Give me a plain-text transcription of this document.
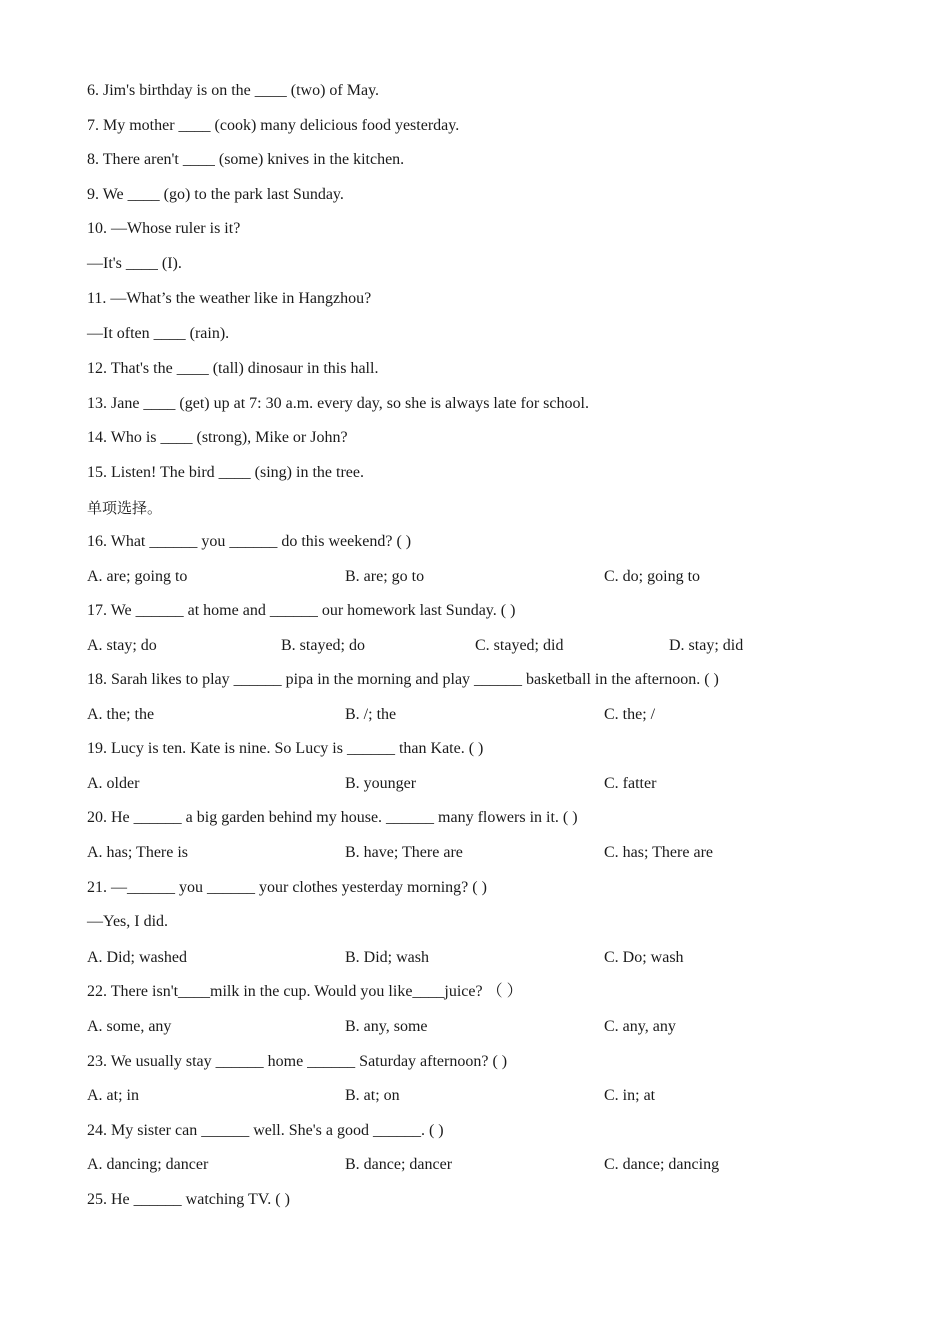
6. Jim's birthday is on the ____ (two) of May.
7. My mother ____ (cook) many delicious food yesterday.
8. There aren't ____ (some) knives in the kitchen.
9. We ____ (go) to the park last Sunday.
10. —Whose ruler is it?
—It's ____ (I).
11. —What’s the weather like in Hangzhou?
—It often ____ (rain).
12. That's the ____ (tall) dinosaur in this hall.
13. Jane ____ (get) up at 7: 30 a.m. every day, so she is always late for school.
14. Who is ____ (strong), Mike or John?
15. Listen! The bird ____ (sing) in the tree.
单项选择。
16. What ______ you ______ do this weekend? ( )
A. are; going to	B. are; go to	C. do; going to
17. We ______ at home and ______ our homework last Sunday. ( )
A. stay; do	B. stayed; do	C. stayed; did	D. stay; did
18. Sarah likes to play ______ pipa in the morning and play ______ basketball in the afternoon. ( )
A. the; the	B. /; the	C. the; /
19. Lucy is ten. Kate is nine. So Lucy is ______ than Kate. ( )
A. older	B. younger	C. fatter
20. He ______ a big garden behind my house. ______ many flowers in it. ( )
A. has; There is	B. have; There are	C. has; There are
21. —______ you ______ your clothes yesterday morning? ( )
—Yes, I did.
A. Did; washed	B. Did; wash	C. Do; wash
22. There isn't____milk in the cup. Would you like____juice? （ ）
A. some, any	B. any, some	C. any, any
23. We usually stay ______ home ______ Saturday afternoon? ( )
A. at; in	B. at; on	C. in; at
24. My sister can ______ well. She's a good ______. ( )
A. dancing; dancer	B. dance; dancer	C. dance; dancing
25. He ______ watching TV. ( )
